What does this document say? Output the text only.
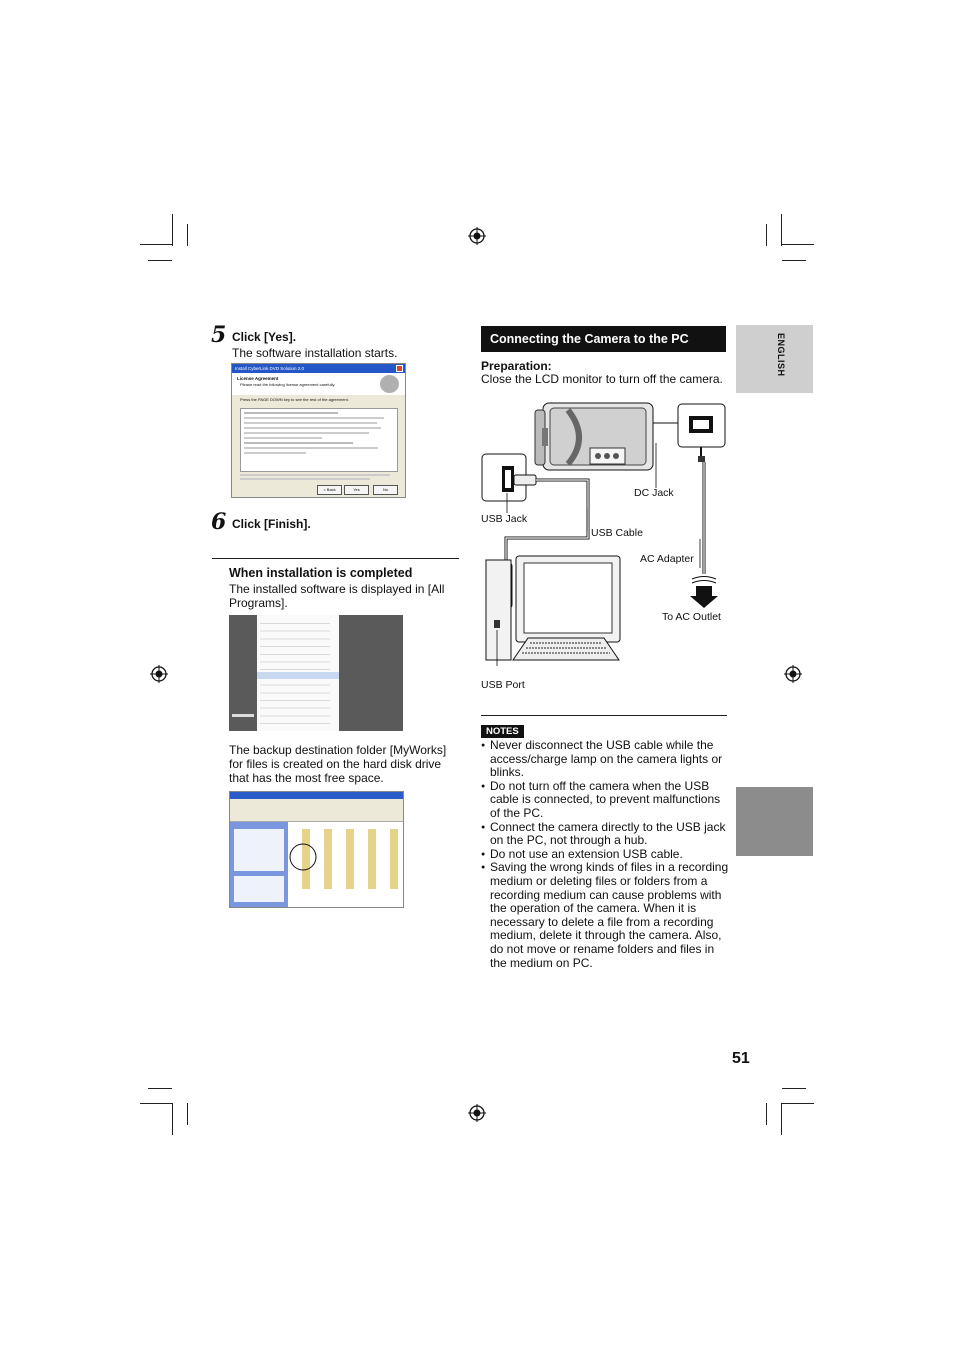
5 Click [Yes].
The software installation starts.
Install CyberLink DVD Solution 2.0
License Agreement
Please read the following license agreement carefully.
Press the PAGE DOWN key to see the rest of the agreement.
< Back	Yes	No
6 Click [Finish].
When installation is completed
The installed software is displayed in [All Programs].
The backup destination folder [MyWorks] for files is created on the hard disk drive that has the most free space.
Connecting the Camera to the PC	ENGLISH
Preparation:
Close the LCD monitor to turn off the camera.
DC Jack
USB Jack
USB Cable
AC Adapter
To AC Outlet
USB Port
NOTES
● Never disconnect the USB cable while the access/charge lamp on the camera lights or blinks.
● Do not turn off the camera when the USB cable is connected, to prevent malfunctions of the PC.
● Connect the camera directly to the USB jack on the PC, not through a hub.
● Do not use an extension USB cable.
● Saving the wrong kinds of files in a recording medium or deleting files or folders from a recording medium can cause problems with the operation of the camera. When it is necessary to delete a file from a recording medium, delete it through the camera. Also, do not move or rename folders and files in the medium on PC.
51
